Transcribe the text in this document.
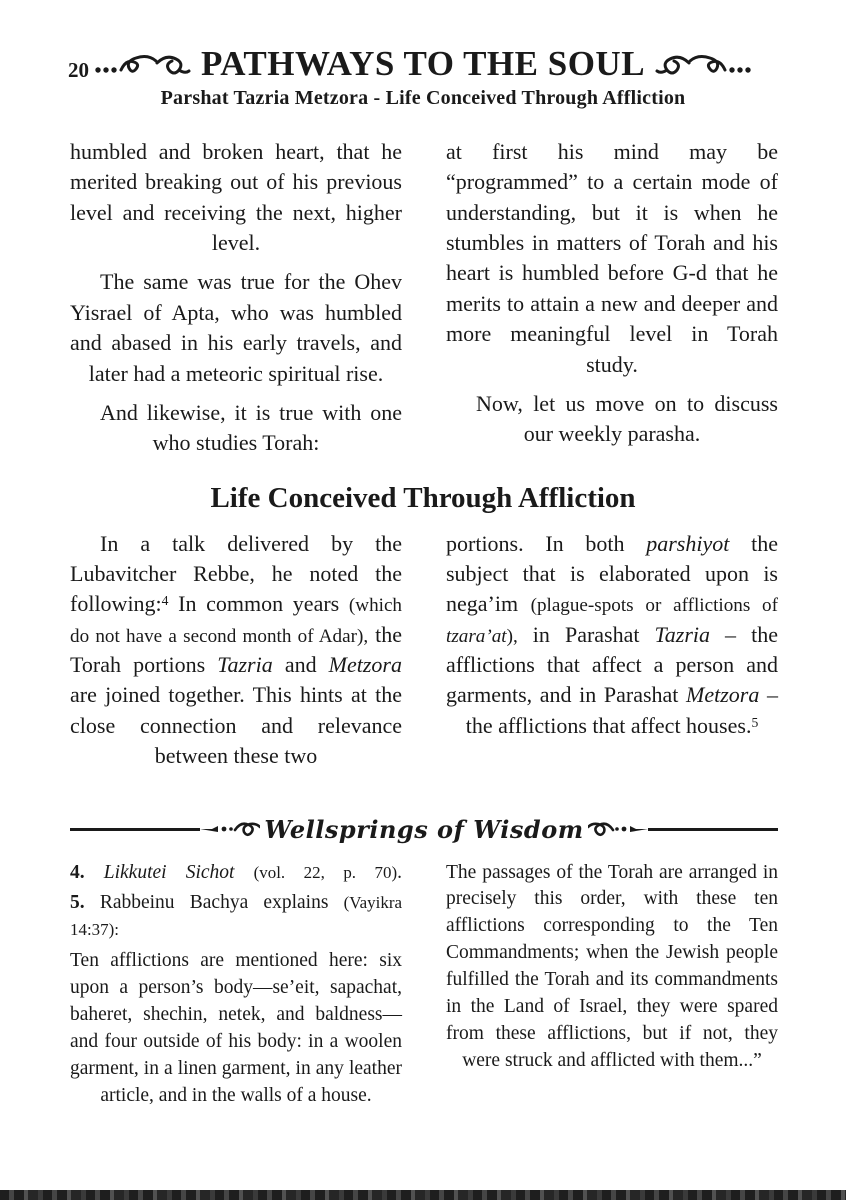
20	PATHWAYS TO THE SOUL
Parshat Tazria Metzora - Life Conceived Through Affliction

humbled and broken heart, that he merited breaking out of his previous level and receiving the next, higher level.

The same was true for the Ohev Yisrael of Apta, who was humbled and abased in his early travels, and later had a meteoric spiritual rise.

And likewise, it is true with one who studies Torah:

at first his mind may be “programmed” to a certain mode of understanding, but it is when he stumbles in matters of Torah and his heart is humbled before G-d that he merits to attain a new and deeper and more meaningful level in Torah study.

Now, let us move on to discuss our weekly parasha.

Life Conceived Through Affliction

In a talk delivered by the Lubavitcher Rebbe, he noted the following:$^4$ In common years (which do not have a second month of Adar), the Torah portions Tazria and Metzora are joined together. This hints at the close connection and relevance between these two

portions. In both parshiyot the subject that is elaborated upon is nega’im (plague-spots or afflictions of tzara’at), in Parashat Tazria – the afflictions that affect a person and garments, and in Parashat Metzora – the afflictions that affect houses.$^5$

Wellsprings of Wisdom

4. Likkutei Sichot (vol. 22, p. 70).

5. Rabbeinu Bachya explains (Vayikra 14:37):

Ten afflictions are mentioned here: six upon a person’s body—se’eit, sapachat, baheret, shechin, netek, and baldness—and four outside of his body: in a woolen garment, in a linen garment, in any leather article, and in the walls of a house.

The passages of the Torah are arranged in precisely this order, with these ten afflictions corresponding to the Ten Commandments; when the Jewish people fulfilled the Torah and its commandments in the Land of Israel, they were spared from these afflictions, but if not, they were struck and afflicted with them...”
